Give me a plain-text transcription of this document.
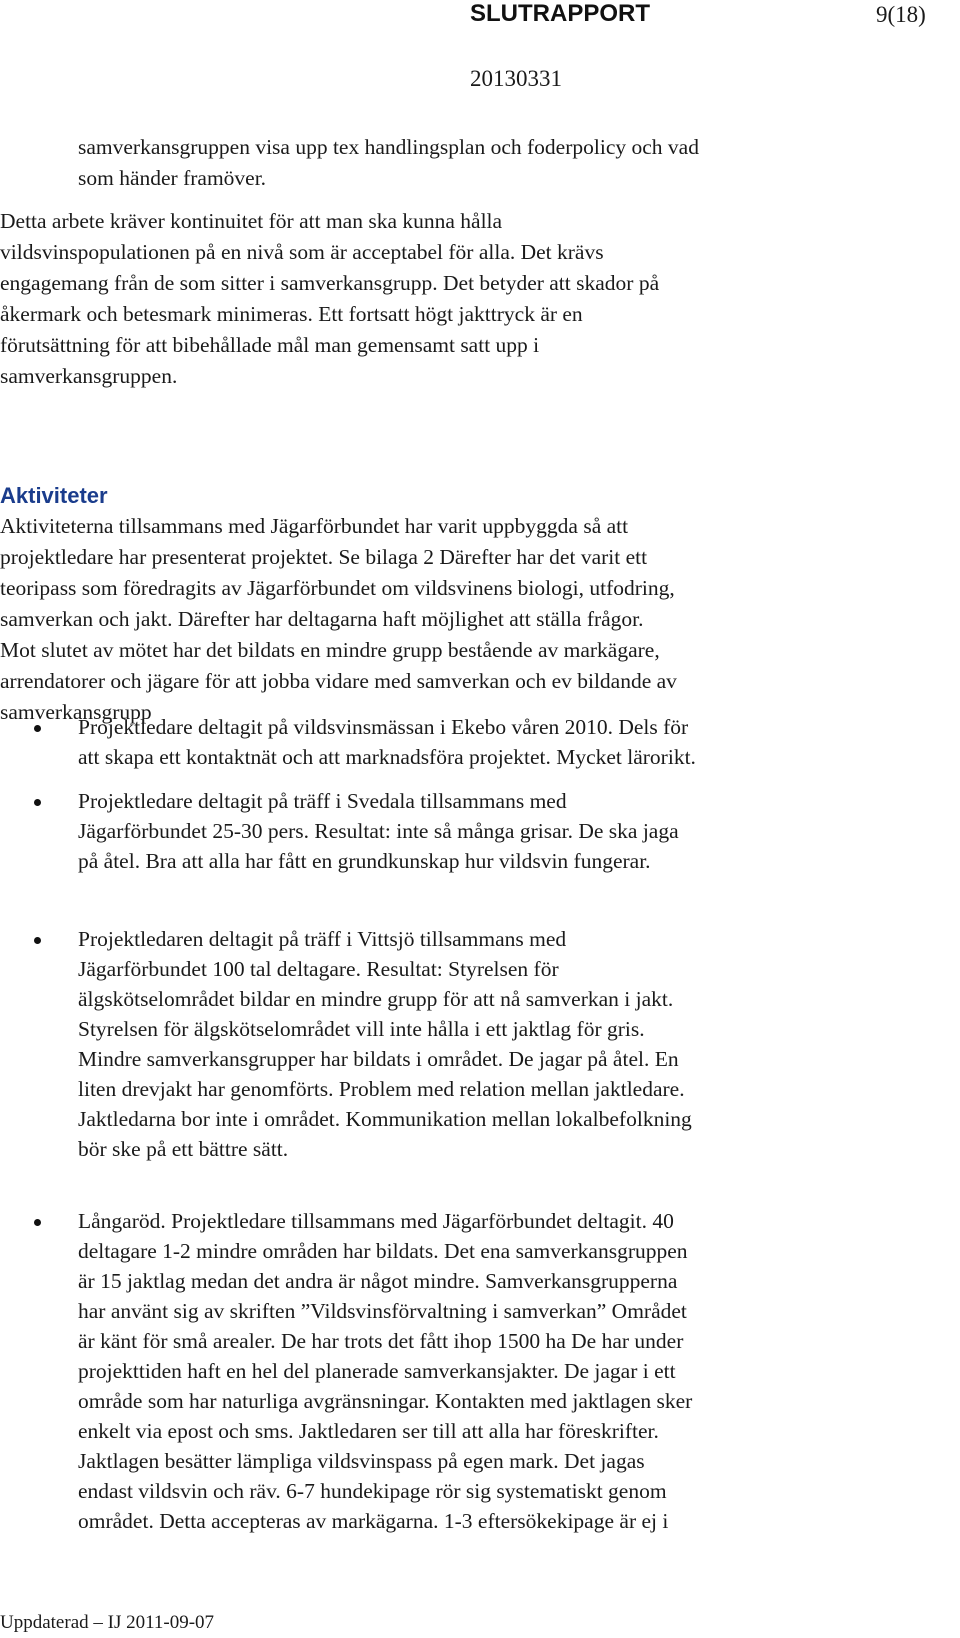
SLUTRAPPORT	9(18)
20130331

samverkansgruppen visa upp tex handlingsplan och foderpolicy och vad
som händer framöver.

Detta arbete kräver kontinuitet för att man ska kunna hålla
vildsvinspopulationen på en nivå som är acceptabel för alla. Det krävs
engagemang från de som sitter i samverkansgrupp. Det betyder att skador på
åkermark och betesmark minimeras. Ett fortsatt högt jakttryck är en
förutsättning för att bibehållade mål man gemensamt satt upp i
samverkansgruppen.

Aktiviteter

Aktiviteterna tillsammans med Jägarförbundet har varit uppbyggda så att
projektledare har presenterat projektet. Se bilaga 2 Därefter har det varit ett
teoripass som föredragits av Jägarförbundet om vildsvinens biologi, utfodring,
samverkan och jakt. Därefter har deltagarna haft möjlighet att ställa frågor.
Mot slutet av mötet har det bildats en mindre grupp bestående av markägare,
arrendatorer och jägare för att jobba vidare med samverkan och ev bildande av
samverkansgrupp

Projektledare deltagit på vildsvinsmässan i Ekebo våren 2010. Dels för
att skapa ett kontaktnät och att marknadsföra projektet. Mycket lärorikt.

Projektledare deltagit på träff i Svedala tillsammans med
Jägarförbundet 25-30 pers. Resultat: inte så många grisar. De ska jaga
på åtel. Bra att alla har fått en grundkunskap hur vildsvin fungerar.

Projektledaren deltagit på träff i Vittsjö tillsammans med
Jägarförbundet 100 tal deltagare. Resultat: Styrelsen för
älgskötselområdet bildar en mindre grupp för att nå samverkan i jakt.
Styrelsen för älgskötselområdet vill inte hålla i ett jaktlag för gris.
Mindre samverkansgrupper har bildats i området. De jagar på åtel. En
liten drevjakt har genomförts. Problem med relation mellan jaktledare.
Jaktledarna bor inte i området. Kommunikation mellan lokalbefolkning
bör ske på ett bättre sätt.

Långaröd. Projektledare tillsammans med Jägarförbundet deltagit. 40
deltagare 1-2 mindre områden har bildats. Det ena samverkansgruppen
är 15 jaktlag medan det andra är något mindre. Samverkansgrupperna
har använt sig av skriften ”Vildsvinsförvaltning i samverkan” Området
är känt för små arealer. De har trots det fått ihop 1500 ha De har under
projekttiden haft en hel del planerade samverkansjakter. De jagar i ett
område som har naturliga avgränsningar. Kontakten med jaktlagen sker
enkelt via epost och sms. Jaktledaren ser till att alla har föreskrifter.
Jaktlagen besätter lämpliga vildsvinspass på egen mark. Det jagas
endast vildsvin och räv. 6-7 hundekipage rör sig systematiskt genom
området. Detta accepteras av markägarna. 1-3 eftersökekipage är ej i

Uppdaterad – IJ 2011-09-07
